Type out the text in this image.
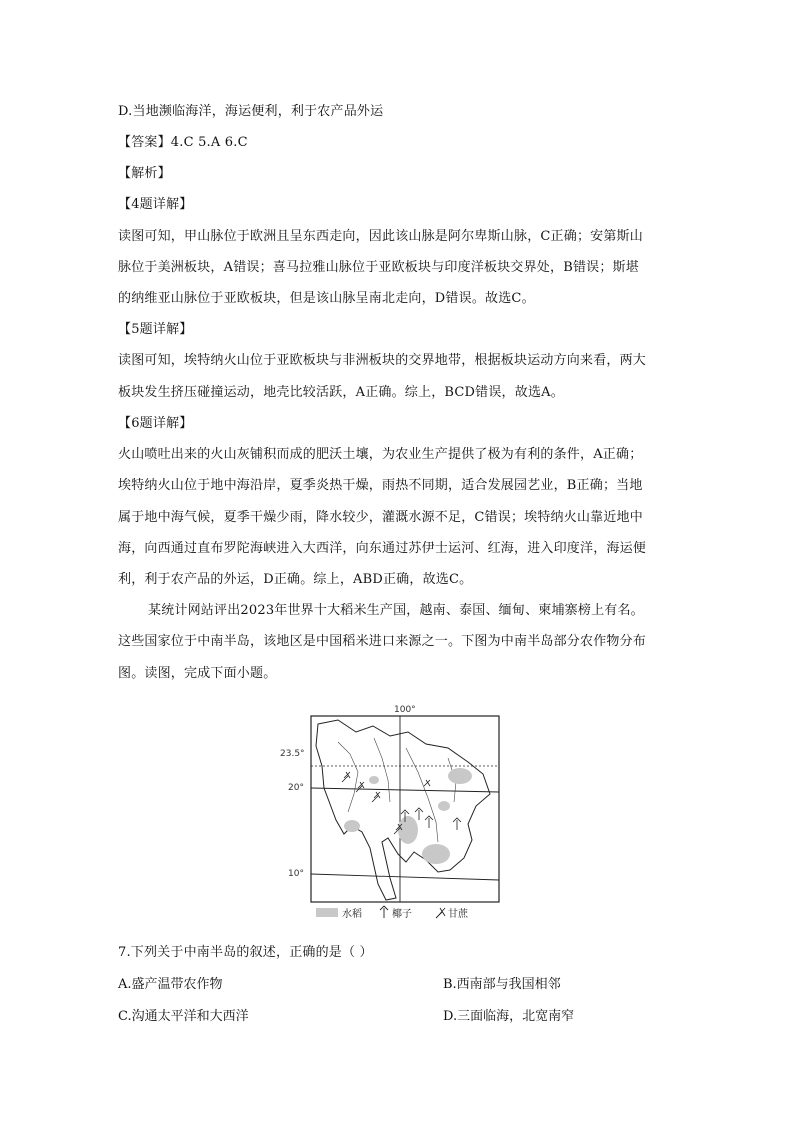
D.当地濒临海洋，海运便利，利于农产品外运
【答案】4.C 5.A 6.C
【解析】
【4题详解】
读图可知，甲山脉位于欧洲且呈东西走向，因此该山脉是阿尔卑斯山脉，C正确；安第斯山
脉位于美洲板块，A错误；喜马拉雅山脉位于亚欧板块与印度洋板块交界处，B错误；斯堪
的纳维亚山脉位于亚欧板块，但是该山脉呈南北走向，D错误。故选C。
【5题详解】
读图可知，埃特纳火山位于亚欧板块与非洲板块的交界地带，根据板块运动方向来看，两大
板块发生挤压碰撞运动，地壳比较活跃，A正确。综上，BCD错误，故选A。
【6题详解】
火山喷吐出来的火山灰铺积而成的肥沃土壤，为农业生产提供了极为有利的条件，A正确；
埃特纳火山位于地中海沿岸，夏季炎热干燥，雨热不同期，适合发展园艺业，B正确；当地
属于地中海气候，夏季干燥少雨，降水较少，灌溉水源不足，C错误；埃特纳火山靠近地中
海，向西通过直布罗陀海峡进入大西洋，向东通过苏伊士运河、红海，进入印度洋，海运便
利，利于农产品的外运，D正确。综上，ABD正确，故选C。
某统计网站评出2023年世界十大稻米生产国，越南、泰国、缅甸、柬埔寨榜上有名。
这些国家位于中南半岛，该地区是中国稻米进口来源之一。下图为中南半岛部分农作物分布
图。读图，完成下面小题。
100°
23.5°
20°
10°
水稻	椰子	甘蔗
7.下列关于中南半岛的叙述，正确的是（ ）
A.盛产温带农作物	B.西南部与我国相邻
C.沟通太平洋和大西洋	D.三面临海，北宽南窄
